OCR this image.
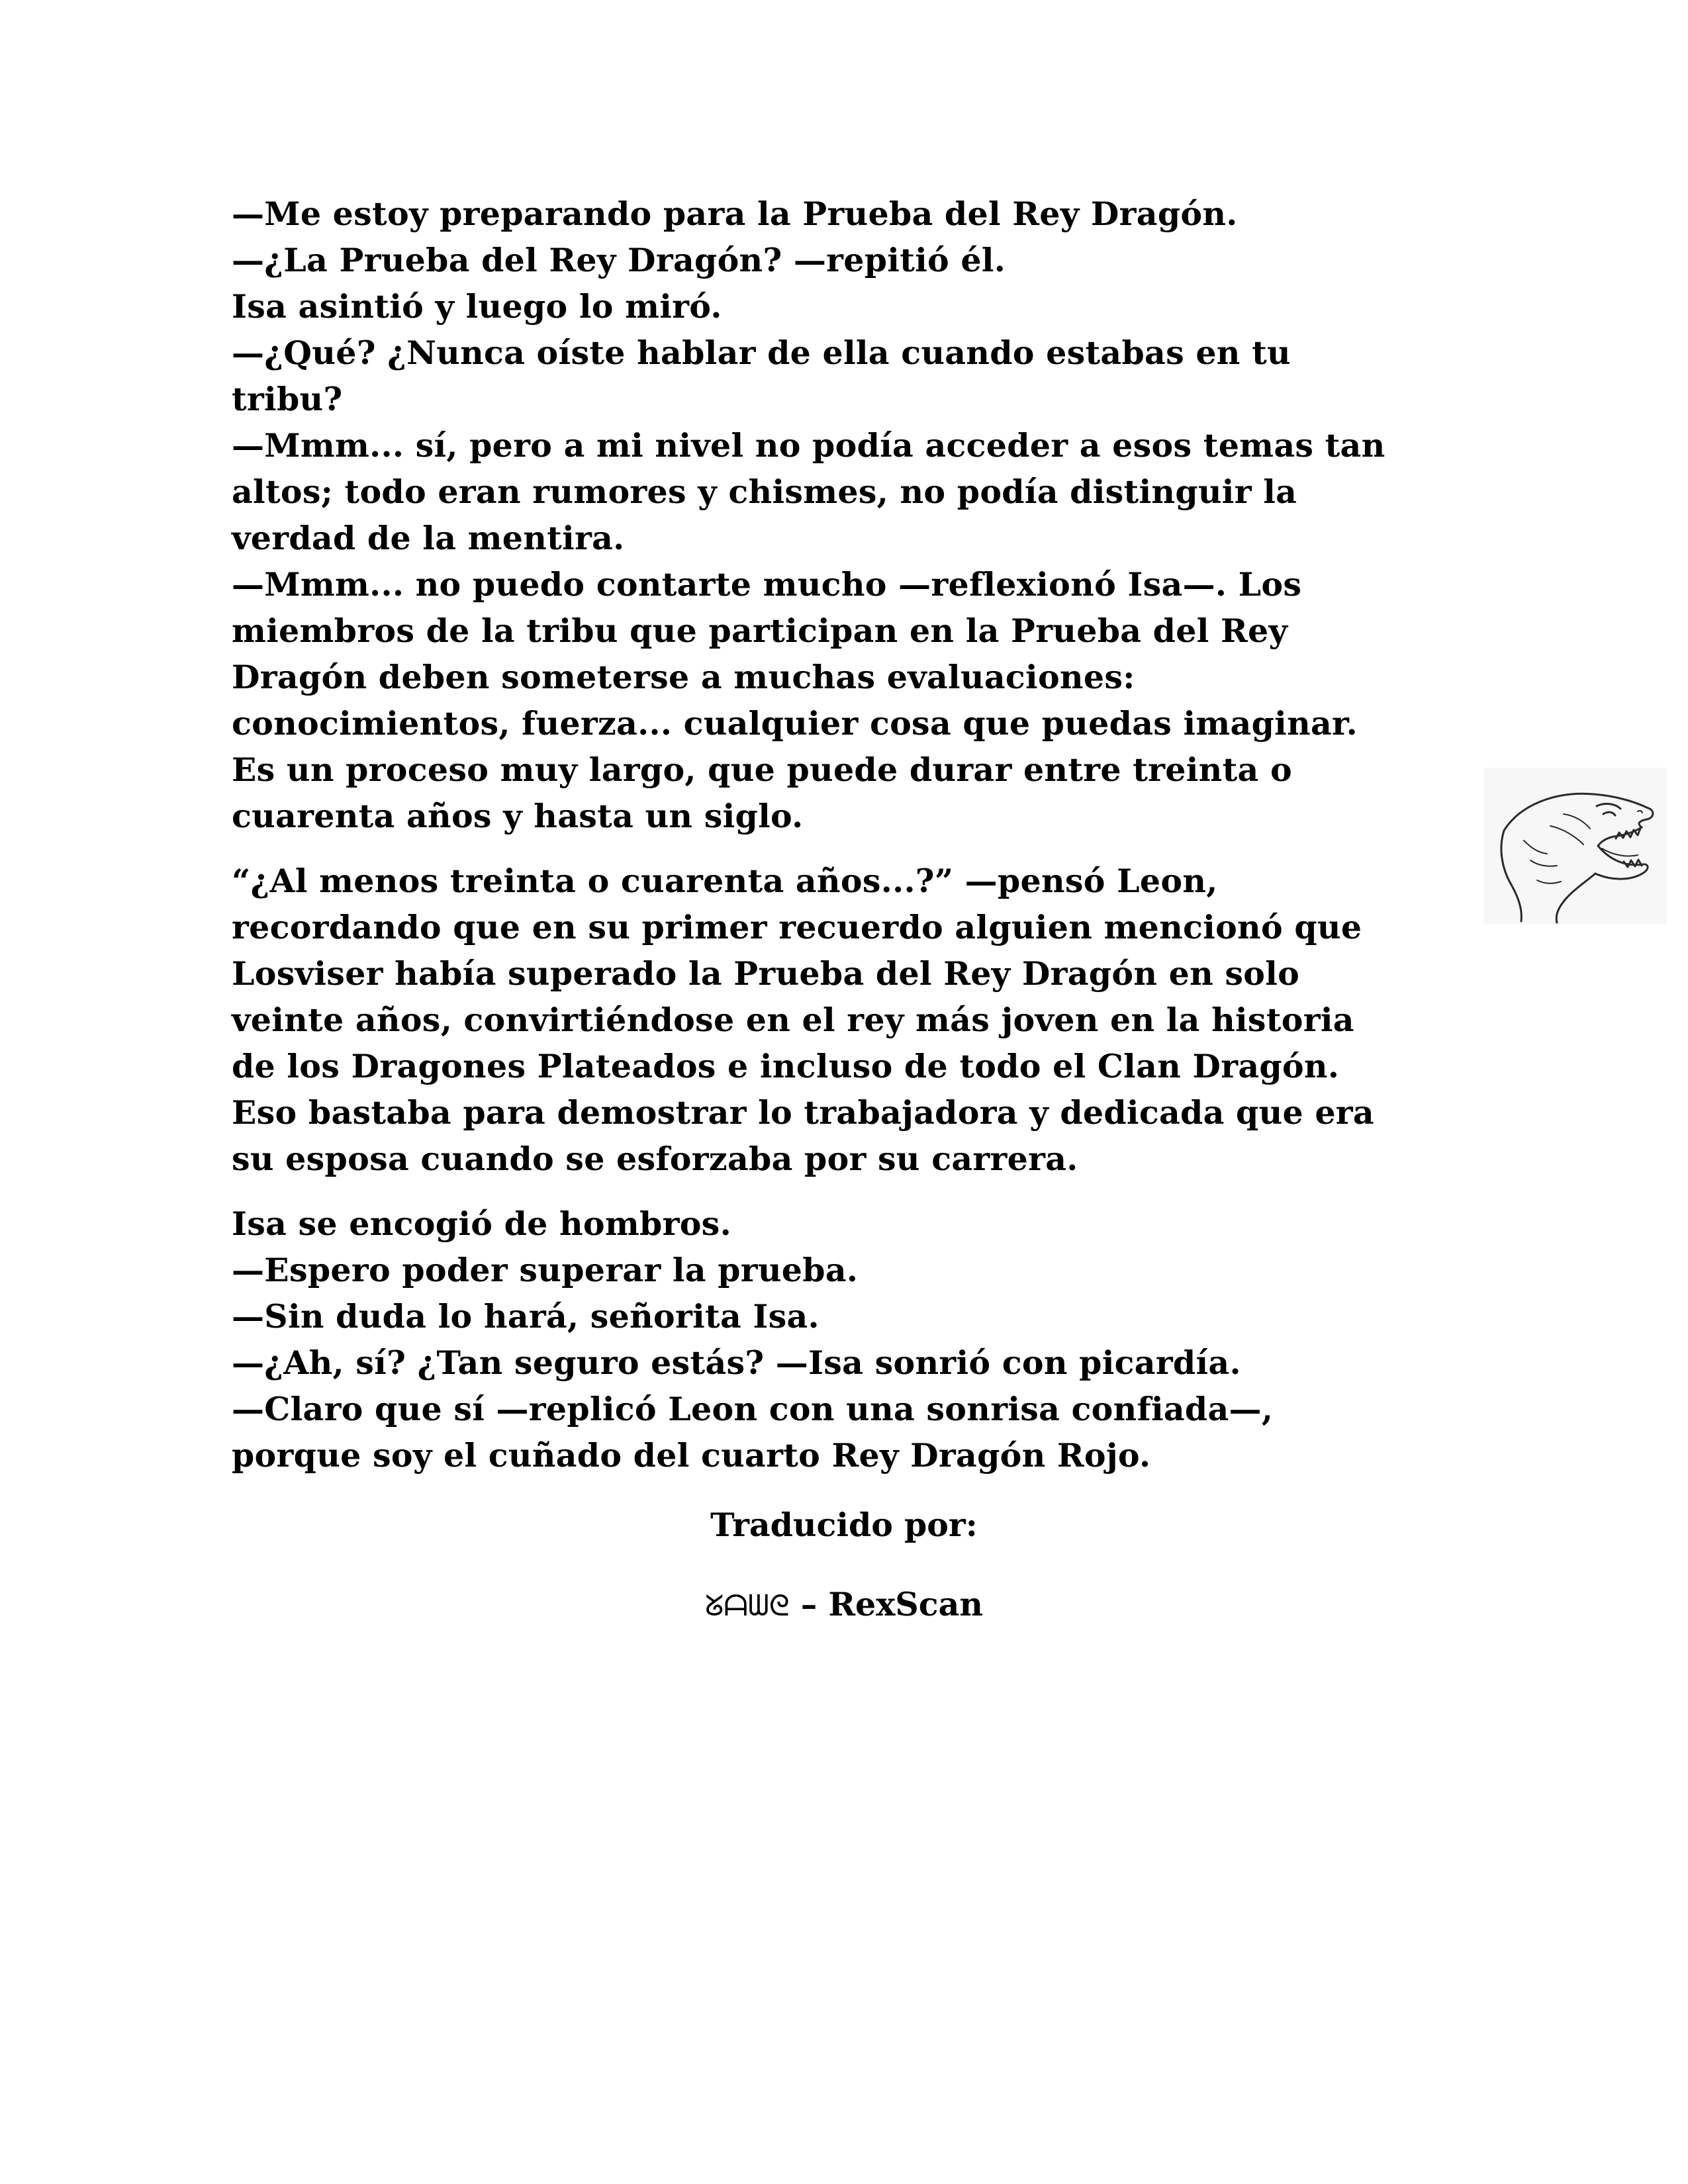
—Me estoy preparando para la Prueba del Rey Dragón.
—¿La Prueba del Rey Dragón? —repitió él.
Isa asintió y luego lo miró.
—¿Qué? ¿Nunca oíste hablar de ella cuando estabas en tu
tribu?
—Mmm... sí, pero a mi nivel no podía acceder a esos temas tan
altos; todo eran rumores y chismes, no podía distinguir la
verdad de la mentira.
—Mmm... no puedo contarte mucho —reflexionó Isa—. Los
miembros de la tribu que participan en la Prueba del Rey
Dragón deben someterse a muchas evaluaciones:
conocimientos, fuerza... cualquier cosa que puedas imaginar.
Es un proceso muy largo, que puede durar entre treinta o
cuarenta años y hasta un siglo.
“¿Al menos treinta o cuarenta años...?” —pensó Leon,
recordando que en su primer recuerdo alguien mencionó que
Losviser había superado la Prueba del Rey Dragón en solo
veinte años, convirtiéndose en el rey más joven en la historia
de los Dragones Plateados e incluso de todo el Clan Dragón.
Eso bastaba para demostrar lo trabajadora y dedicada que era
su esposa cuando se esforzaba por su carrera.
Isa se encogió de hombros.
—Espero poder superar la prueba.
—Sin duda lo hará, señorita Isa.
—¿Ah, sí? ¿Tan seguro estás? —Isa sonrió con picardía.
—Claro que sí —replicó Leon con una sonrisa confiada—,
porque soy el cuñado del cuarto Rey Dragón Rojo.
Traducido por:
ᘜᗩᗯᘓ – RexScan
